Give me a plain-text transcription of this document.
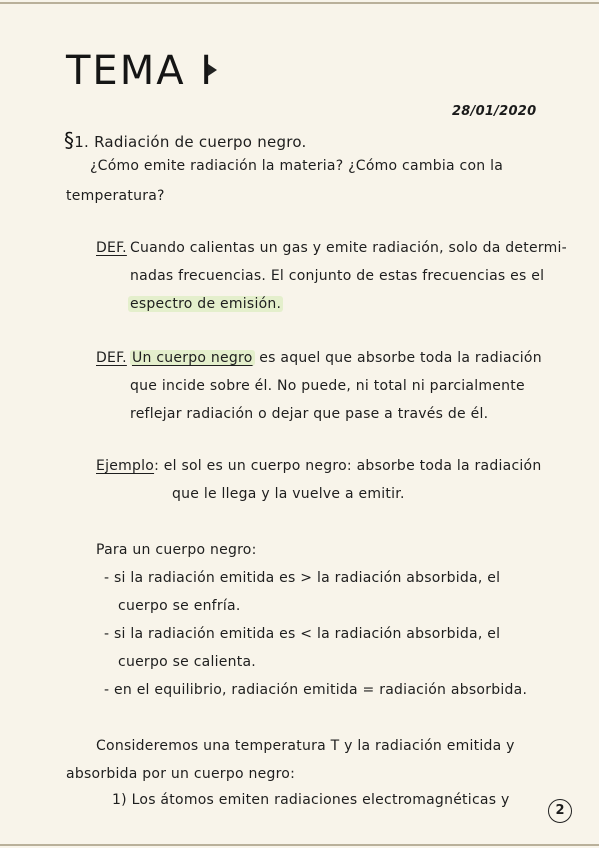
TEMA I
28/01/2020
§1. Radiación de cuerpo negro.
¿Cómo emite radiación la materia? ¿Cómo cambia con la
temperatura?
DEF. Cuando calientas un gas y emite radiación, solo da determi-
nadas frecuencias. El conjunto de estas frecuencias es el
espectro de emisión.
DEF. Un cuerpo negro es aquel que absorbe toda la radiación
que incide sobre él. No puede, ni total ni parcialmente
reflejar radiación o dejar que pase a través de él.
Ejemplo: el sol es un cuerpo negro: absorbe toda la radiación
que le llega y la vuelve a emitir.
Para un cuerpo negro:
- si la radiación emitida es > la radiación absorbida, el
cuerpo se enfría.
- si la radiación emitida es < la radiación absorbida, el
cuerpo se calienta.
- en el equilibrio, radiación emitida = radiación absorbida.
Consideremos una temperatura T y la radiación emitida y
absorbida por un cuerpo negro:
1) Los átomos emiten radiaciones electromagnéticas y
2
